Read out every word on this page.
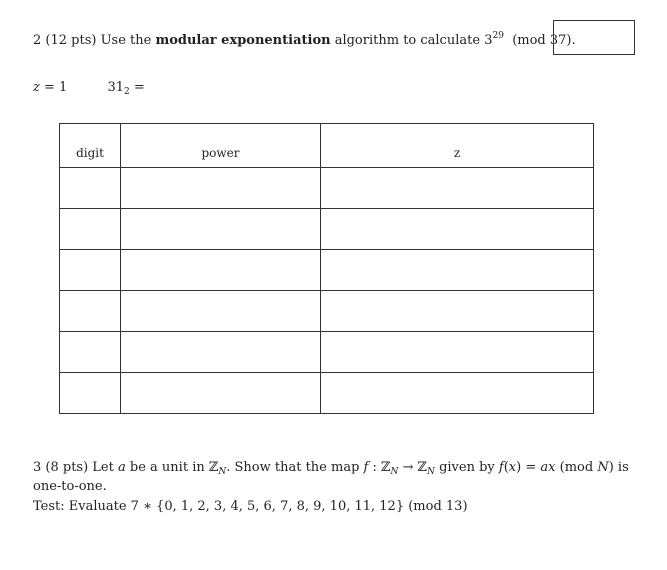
2 (12 pts) Use the modular exponentiation algorithm to calculate $3^{29}$ (mod 37).
z = 1	$31_2$ =
digit	power	z

3 (8 pts) Let a be a unit in ℤ$_N$. Show that the map f : ℤ$_N$ → ℤ$_N$ given by f(x) = ax (mod N) is one-to-one.
Test: Evaluate 7 ∗ {0, 1, 2, 3, 4, 5, 6, 7, 8, 9, 10, 11, 12} (mod 13)
